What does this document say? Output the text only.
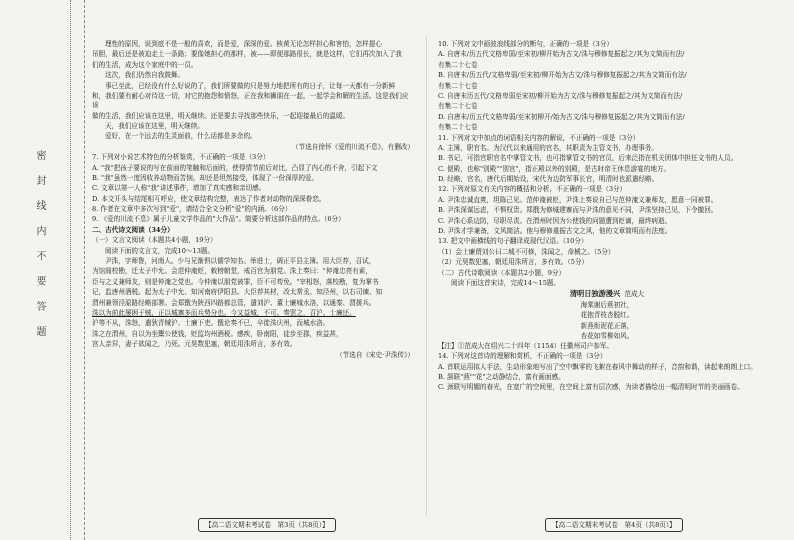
密 封 线 内 不 要 答 题

理性的原因，说到底不是一般的喜欢，而是爱，深深的爱。核黄无论怎样担心和害怕，怎样提心

吊胆，最后还是被迫走上一条路；要像她担心的那样，被——即便那路很长，就是这样，它们再次加入了我

们的生活，成为这个家庭中的一员。

这次，我们仍然自我鼓舞。

事已至此，已经没有什么好说的了，我们所要做的只是努力地把所有的日子，让每一天都有一分新鲜

和，我们要有耐心对待这一切，对它的抱怨和愤怒，正在我和狮朋在一起，一起学会和解的生活。这是我们应该

做的生活，我们应该在这里，明天继续。还是要去寻找那些快乐，一起迎接最后的温暖。

天，我们应该在这里，明天继续。

爱好，在一个远去的生灵面前，什么话都是多余的。

（节选自徐怀《爱的川流不息》，有删改）

7. 下列对小说艺术特色的分析鉴赏，不正确的一项是（3分）

A. "我"把孩子要说的写在前面的笔触和后面的，使得情节前后对比，凸显了内心的不舍，引起下文

B. "我"虽然一度因收养动物而苦恼，却还是坦然接受，体现了一份深厚的爱。

C. 文章以第一人称"我"讲述事件，增加了真实感和亲切感。

D. 本文开头与结尾相互呼应，使文章结构完整，表达了作者对动物的深深眷恋。

8. 作者在文章中多次写到"爱"，请结合全文分析"爱"的内涵。（6分）

9. 《爱的川流不息》属于儿童文学作品的"大作品"。简要分析这部作品的特点。（6分）

二、古代诗文阅读（34分）

（一）文言文阅读（本题共4小题，19分）

阅读下面的文言文，完成10～13题。

尹洙，字师鲁，河南人。少与兄渐俱以儒学知名。举进士，调正平县主簿。用大臣荐，召试，

为馆阁校勘，迁太子中允。会范仲淹贬，敕榜朝堂，戒百官为朋党。洙上奏曰："仲淹忠亮有素，

臣与之义兼师友，则是仲淹之党也。今仲淹以朋党被罪，臣不可苟免。"宰相怒，落校勘，复为掌书

记，监唐州酒税。起为太子中允、知河南府伊阳县。大臣荐其材，改太常丞、知泾州，以右司谏、知

渭州兼领泾原路经略部署。会郑戬为陕西四路都总管，遣刘沪、董士廉城水洛，以通秦、渭援兵。

洙以为前此屡困于贼，正以城寨多而兵势分也。今又益城，不可。奏罢之，召沪、士廉还。

沪等不从，洙怒，遣狄青械沪、士廉下吏。戬论奏不已，卒徙洙庆州，而城水洛。

洙之在渭州，自以为坐鬻公使钱，贬监均州酒税。感疾，卧南阳，徒步至郡，疾益甚，

宫人亲舁，妻子欲闻之，乃死。元昊数犯塞，朝廷用洙所言，多有效。

（节选自《宋史·尹洙传》）

10. 下列对文中画波浪线部分的断句，正确的一项是（3分）

A. 自唐末/历五代文格卑弱/至宋初/柳开始为古文/洙与穆修复振起之/其为文简而有法/

有集二十七卷

B. 自唐末/历五代/文格卑弱/至宋初/柳开始为古文/洙与穆修复振起之/其为文简而有法/

有集二十七卷

C. 自唐末历五代/文格卑弱至宋初/柳开始为古文/洙与穆修复振起之/其为文简而有法/

有集二十七卷

D. 自唐末/历五代文格卑弱/至宋初柳开/始为古文/洙与穆修复振起之/其为文简而有法/

有集二十七卷

11. 下列对文中加点的词语相关内容的解说，不正确的一项是（3分）

A. 主簿，职官名。为汉代以来通用的官名，其职责为主管文书，办理事务。

B. 书记，可指官职官名中掌管文书，也可指掌管文书的官员，后来泛指在机关团体中担任文书的人员。

C. 便殿，也称"别殿""别宫"，指正殿以外的别殿，是古时帝王休息游宴的地方。

D. 经略，官名，唐代后期始设，宋代为边防军事长官，明清时也派遣经略。

12. 下列对原文有关内容的概括和分析，不正确的一项是（3分）

A. 尹洙忠诚直爽，坦陈己见。范仲淹被贬，尹洙上奏说自己与范仲淹义兼师友，愿意一同被罪。

B. 尹洙深谋远虑，不惧权贵。郑戬为修城建寨而与尹洙的意见不同，尹洙坚持己见，下令撤回。

C. 尹洙心系边防，尽职尽责。在渭州时因为公使钱的问题遭到贬谪，最终病逝。

D. 尹洙才学兼备，文风简洁。他与穆修重振古文之风，他的文章简明而有法度。

13. 把文中画横线的句子翻译成现代汉语。（10分）

（1）会士廉谓刘公曰二城不可修，洙闻之，命械之。（5分）

（2）元昊数犯塞，朝廷用洙所言，多有效。（5分）

（二）古代诗歌阅读（本题共2小题，9分）

阅读下面这首宋诗，完成14～15题。

清明日独游漫兴 范成大
海棠谢后燕初社，
花抱青枝杏脱红。
新燕衔泥花正落，
杏花如雪柳如风。

【注】①范成大在绍兴二十四年（1154）任徽州司户参军。

14. 下列对这首诗的理解和赏析，不正确的一项是（3分）

A. 首联运用拟人手法，生动形象地写出了空中飘零的飞絮在春风中舞动的样子，音韵和谐，读起来朗朗上口。

B. 颔联"燕""花"之动静结合，富有画面感。

C. 颈联写明媚的春光，在宽广的空间里，在空间上富有层次感，为读者描绘出一幅清明时节的美丽画卷。

【高二语文期末考试卷　第3页（共8页）】	【高二语文期末考试卷　第4页（共8页）】
